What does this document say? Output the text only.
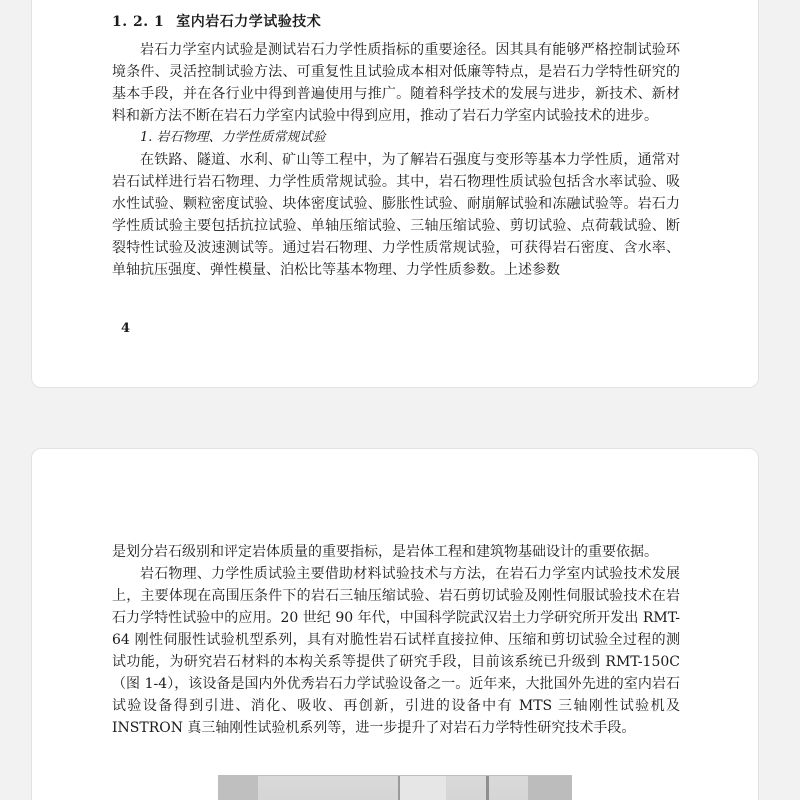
1. 2. 1 室内岩石力学试验技术

岩石力学室内试验是测试岩石力学性质指标的重要途径。因其具有能够严格控制试验环境条件、灵活控制试验方法、可重复性且试验成本相对低廉等特点，是岩石力学特性研究的基本手段，并在各行业中得到普遍使用与推广。随着科学技术的发展与进步，新技术、新材料和新方法不断在岩石力学室内试验中得到应用，推动了岩石力学室内试验技术的进步。

1. 岩石物理、力学性质常规试验

在铁路、隧道、水利、矿山等工程中，为了解岩石强度与变形等基本力学性质，通常对岩石试样进行岩石物理、力学性质常规试验。其中，岩石物理性质试验包括含水率试验、吸水性试验、颗粒密度试验、块体密度试验、膨胀性试验、耐崩解试验和冻融试验等。岩石力学性质试验主要包括抗拉试验、单轴压缩试验、三轴压缩试验、剪切试验、点荷载试验、断裂特性试验及波速测试等。通过岩石物理、力学性质常规试验，可获得岩石密度、含水率、单轴抗压强度、弹性模量、泊松比等基本物理、力学性质参数。上述参数

4

是划分岩石级别和评定岩体质量的重要指标，是岩体工程和建筑物基础设计的重要依据。

岩石物理、力学性质试验主要借助材料试验技术与方法，在岩石力学室内试验技术发展上，主要体现在高围压条件下的岩石三轴压缩试验、岩石剪切试验及刚性伺服试验技术在岩石力学特性试验中的应用。20 世纪 90 年代，中国科学院武汉岩土力学研究所开发出 RMT-64 刚性伺服性试验机型系列，具有对脆性岩石试样直接拉伸、压缩和剪切试验全过程的测试功能，为研究岩石材料的本构关系等提供了研究手段，目前该系统已升级到 RMT-150C（图 1-4），该设备是国内外优秀岩石力学试验设备之一。近年来，大批国外先进的室内岩石试验设备得到引进、消化、吸收、再创新，引进的设备中有 MTS 三轴刚性试验机及 INSTRON 真三轴刚性试验机系列等，进一步提升了对岩石力学特性研究技术手段。
